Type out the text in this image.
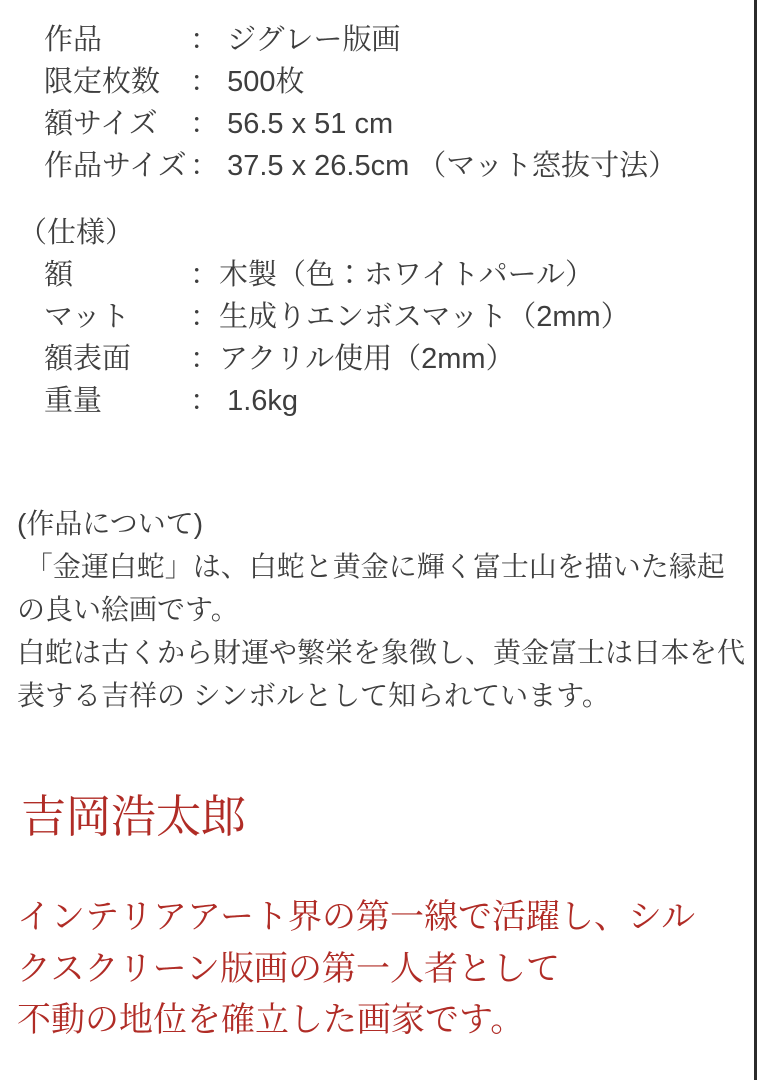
作品	： ジグレー版画
限定枚数	： 500枚
額サイズ	： 56.5 x 51 cm
作品サイズ ： 37.5 x 26.5cm （マット窓抜寸法）
（仕様）
額	： 木製（色：ホワイトパール）
マット	： 生成りエンボスマット（2mm）
額表面	： アクリル使用（2mm）
重量	： 1.6kg
(作品について)
「金運白蛇」は、白蛇と黄金に輝く富士山を描いた縁起
の良い絵画です。
白蛇は古くから財運や繁栄を象徴し、黄金富士は日本を代
表する吉祥の シンボルとして知られています。
吉岡浩太郎
インテリアアート界の第一線で活躍し、シル
クスクリーン版画の第一人者として
不動の地位を確立した画家です。
